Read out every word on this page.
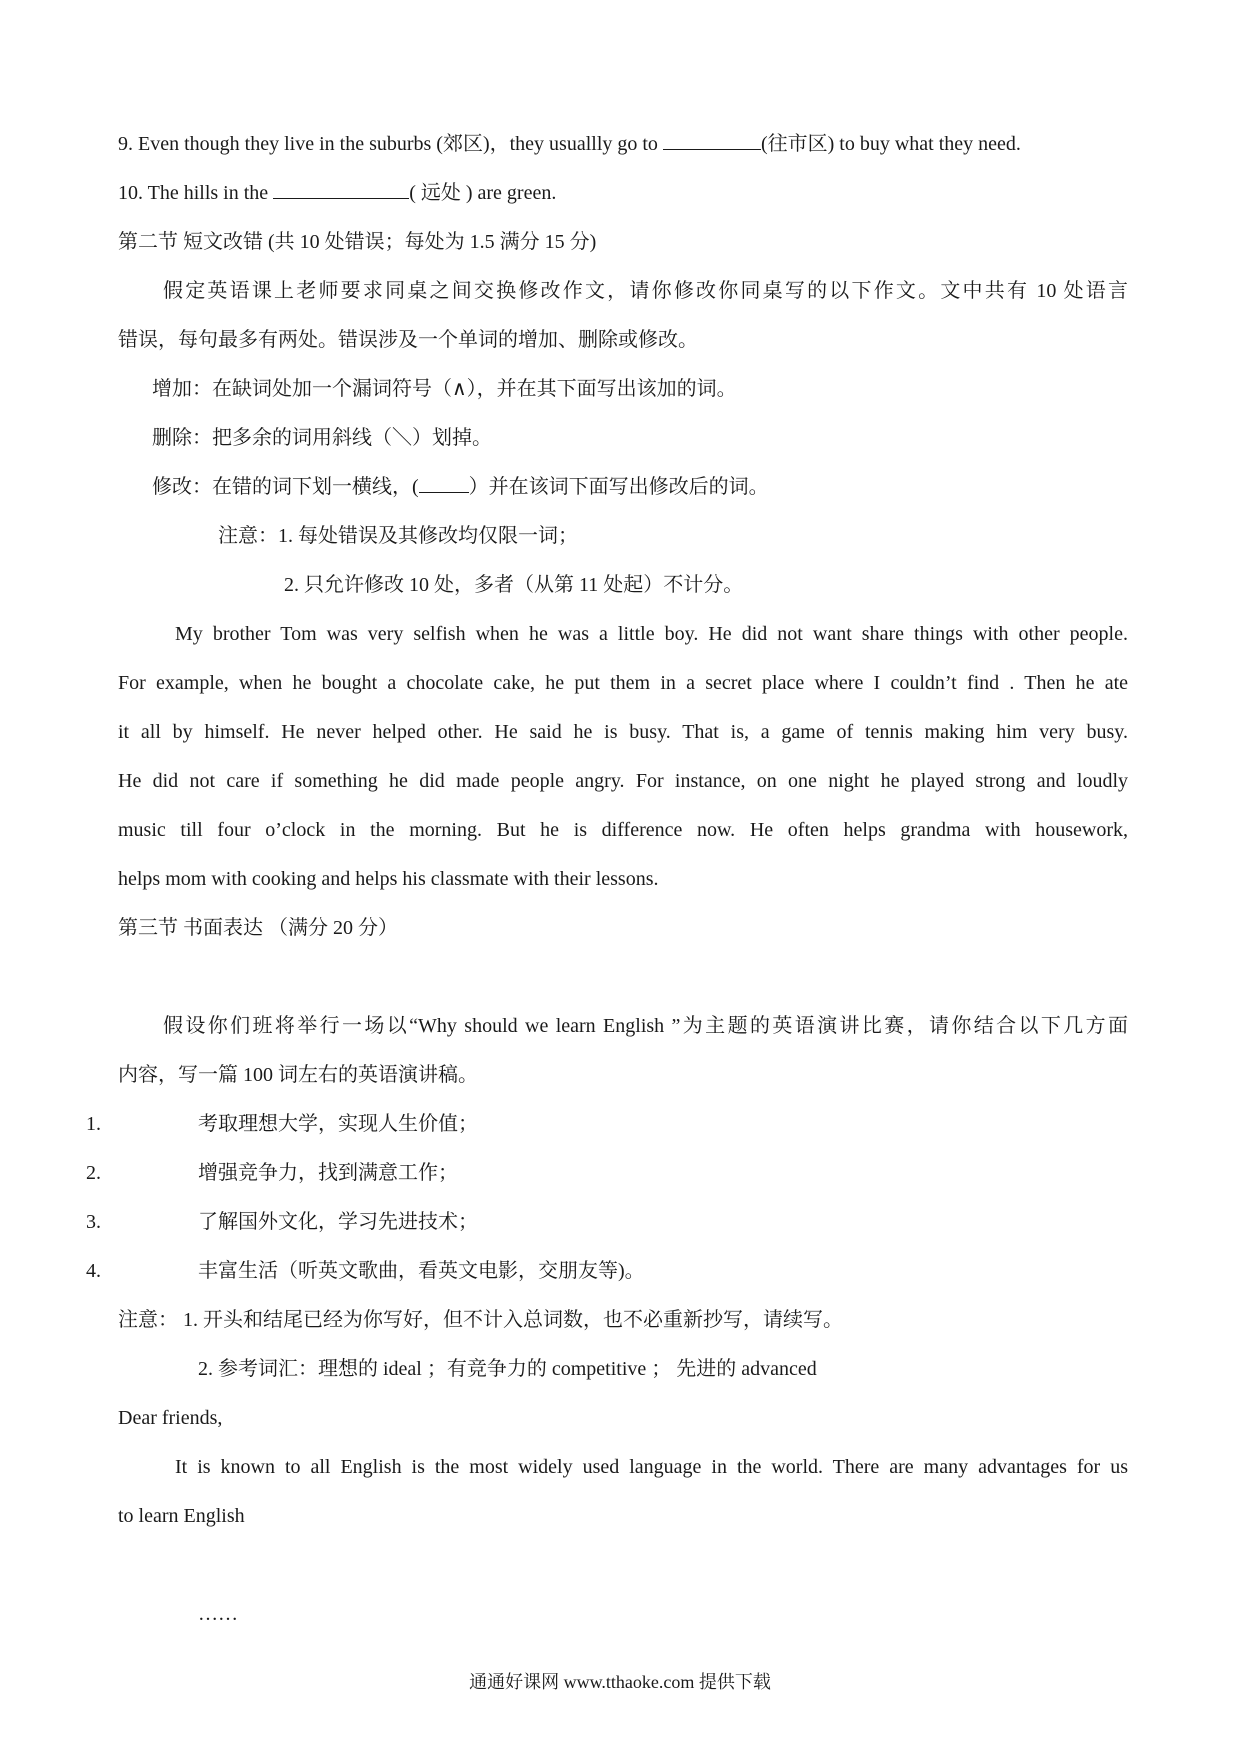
9. Even though they live in the suburbs (郊区)，they usuallly go to	(往市区) to buy what they need.
10. The hills in the	( 远处 ) are green.
第二节 短文改错 (共 10 处错误；每处为 1.5 满分 15 分)
假定英语课上老师要求同桌之间交换修改作文，请你修改你同桌写的以下作文。文中共有 10 处语言
错误，每句最多有两处。错误涉及一个单词的增加、删除或修改。
增加：在缺词处加一个漏词符号（∧），并在其下面写出该加的词。
删除：把多余的词用斜线（＼）划掉。
修改：在错的词下划一横线，(	）并在该词下面写出修改后的词。
注意：1. 每处错误及其修改均仅限一词；
2. 只允许修改 10 处，多者（从第 11 处起）不计分。
My brother Tom was very selfish when he was a little boy. He did not want share things with other people.
For example, when he bought a chocolate cake, he put them in a secret place where I couldn’t find . Then he ate
it all by himself. He never helped other. He said he is busy. That is, a game of tennis making him very busy.
He did not care if something he did made people angry. For instance, on one night he played strong and loudly
music till four o’clock in the morning. But he is difference now. He often helps grandma with housework,
helps mom with cooking and helps his classmate with their lessons.
第三节 书面表达 （满分 20 分）
假设你们班将举行一场以“Why should we learn English ”为主题的英语演讲比赛，请你结合以下几方面
内容，写一篇 100 词左右的英语演讲稿。
1.	考取理想大学，实现人生价值；
2.	增强竞争力，找到满意工作；
3.	了解国外文化，学习先进技术；
4.	丰富生活（听英文歌曲，看英文电影，交朋友等)。
注意： 1. 开头和结尾已经为你写好，但不计入总词数，也不必重新抄写，请续写。
2. 参考词汇：理想的 ideal ；有竞争力的 competitive ； 先进的 advanced
Dear friends,
It is known to all English is the most widely used language in the world. There are many advantages for us
to learn English
……
通通好课网 www.tthaoke.com 提供下载
